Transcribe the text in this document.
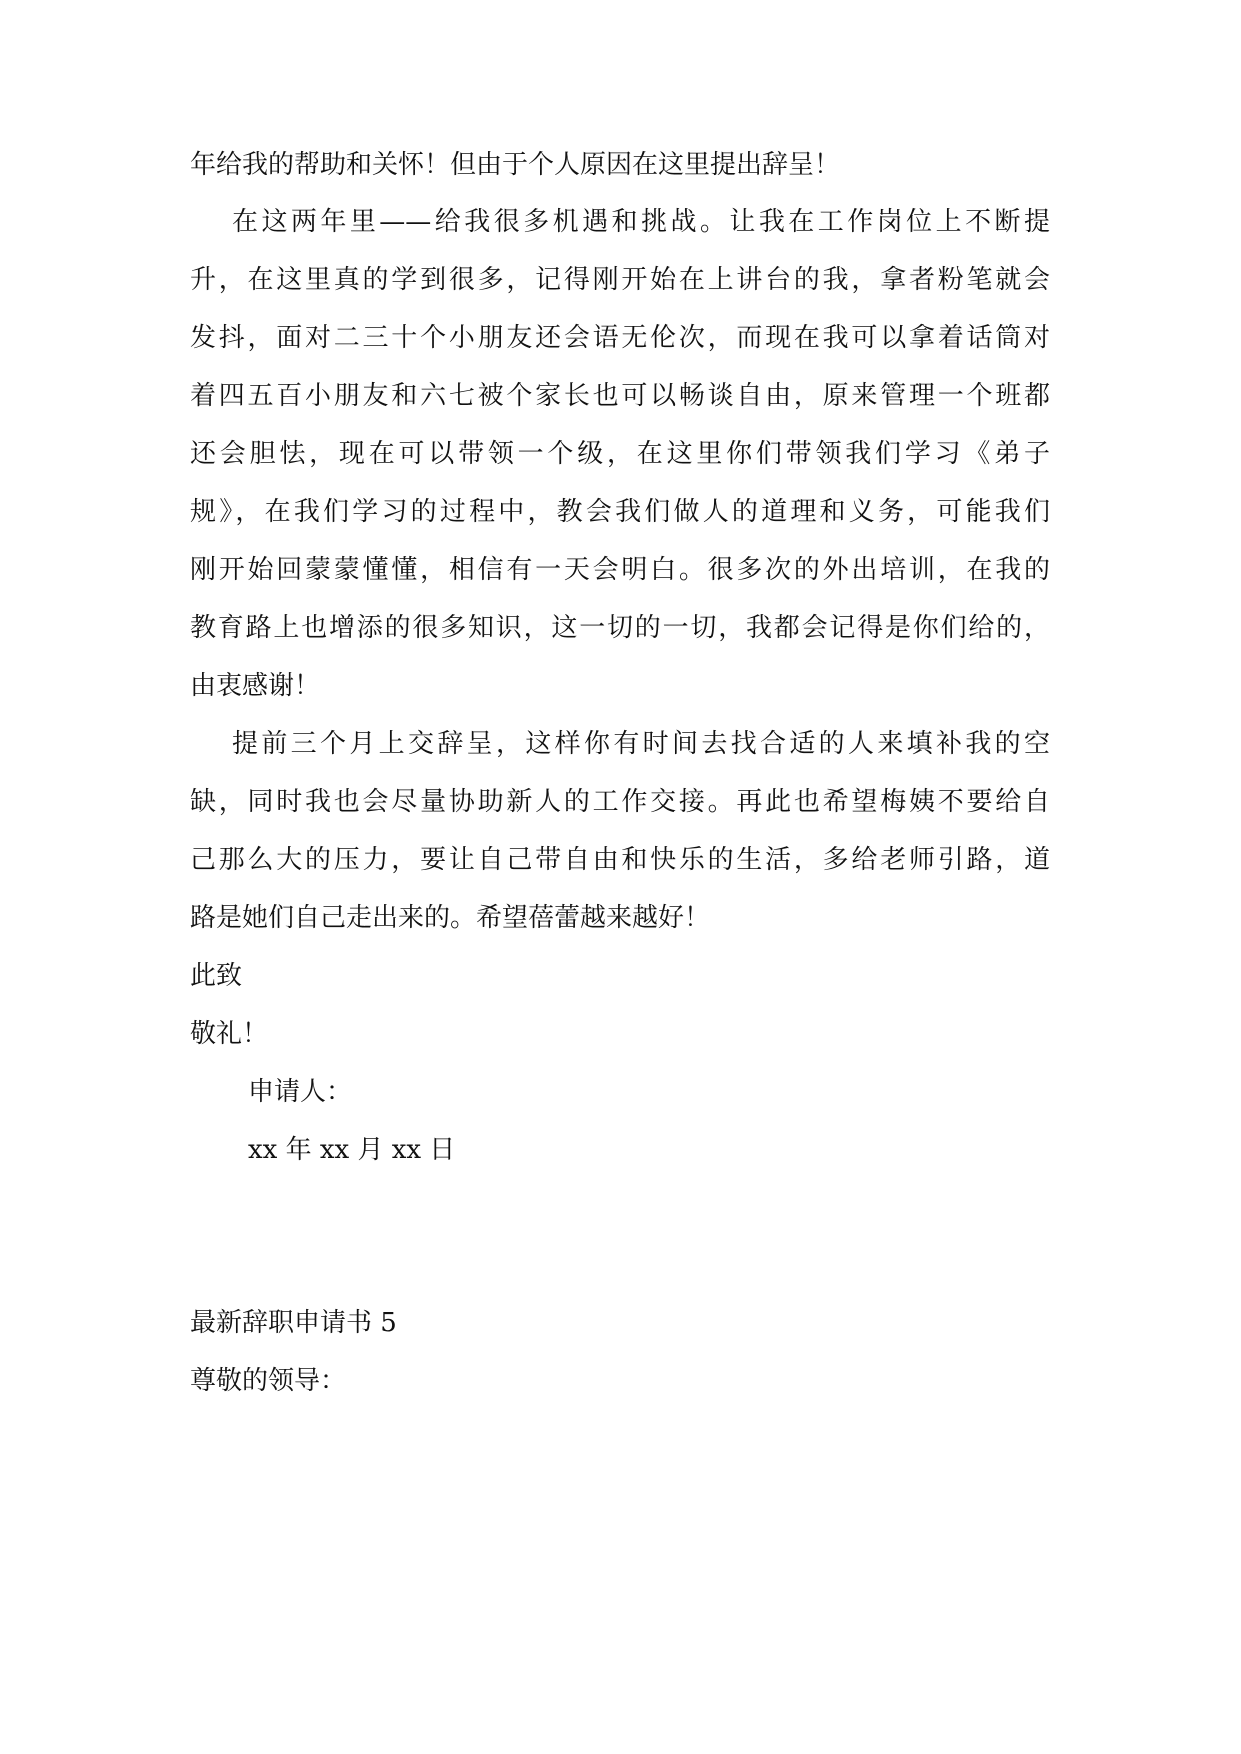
年给我的帮助和关怀！但由于个人原因在这里提出辞呈！
在这两年里——给我很多机遇和挑战。让我在工作岗位上不断提
升，在这里真的学到很多，记得刚开始在上讲台的我，拿者粉笔就会
发抖，面对二三十个小朋友还会语无伦次，而现在我可以拿着话筒对
着四五百小朋友和六七被个家长也可以畅谈自由，原来管理一个班都
还会胆怯，现在可以带领一个级，在这里你们带领我们学习《弟子
规》，在我们学习的过程中，教会我们做人的道理和义务，可能我们
刚开始回蒙蒙懂懂，相信有一天会明白。很多次的外出培训，在我的
教育路上也增添的很多知识，这一切的一切，我都会记得是你们给的，
由衷感谢！
提前三个月上交辞呈，这样你有时间去找合适的人来填补我的空
缺，同时我也会尽量协助新人的工作交接。再此也希望梅姨不要给自
己那么大的压力，要让自己带自由和快乐的生活，多给老师引路，道
路是她们自己走出来的。希望蓓蕾越来越好！
此致
敬礼！
申请人：
xx 年 xx 月 xx 日
最新辞职申请书 5
尊敬的领导：
